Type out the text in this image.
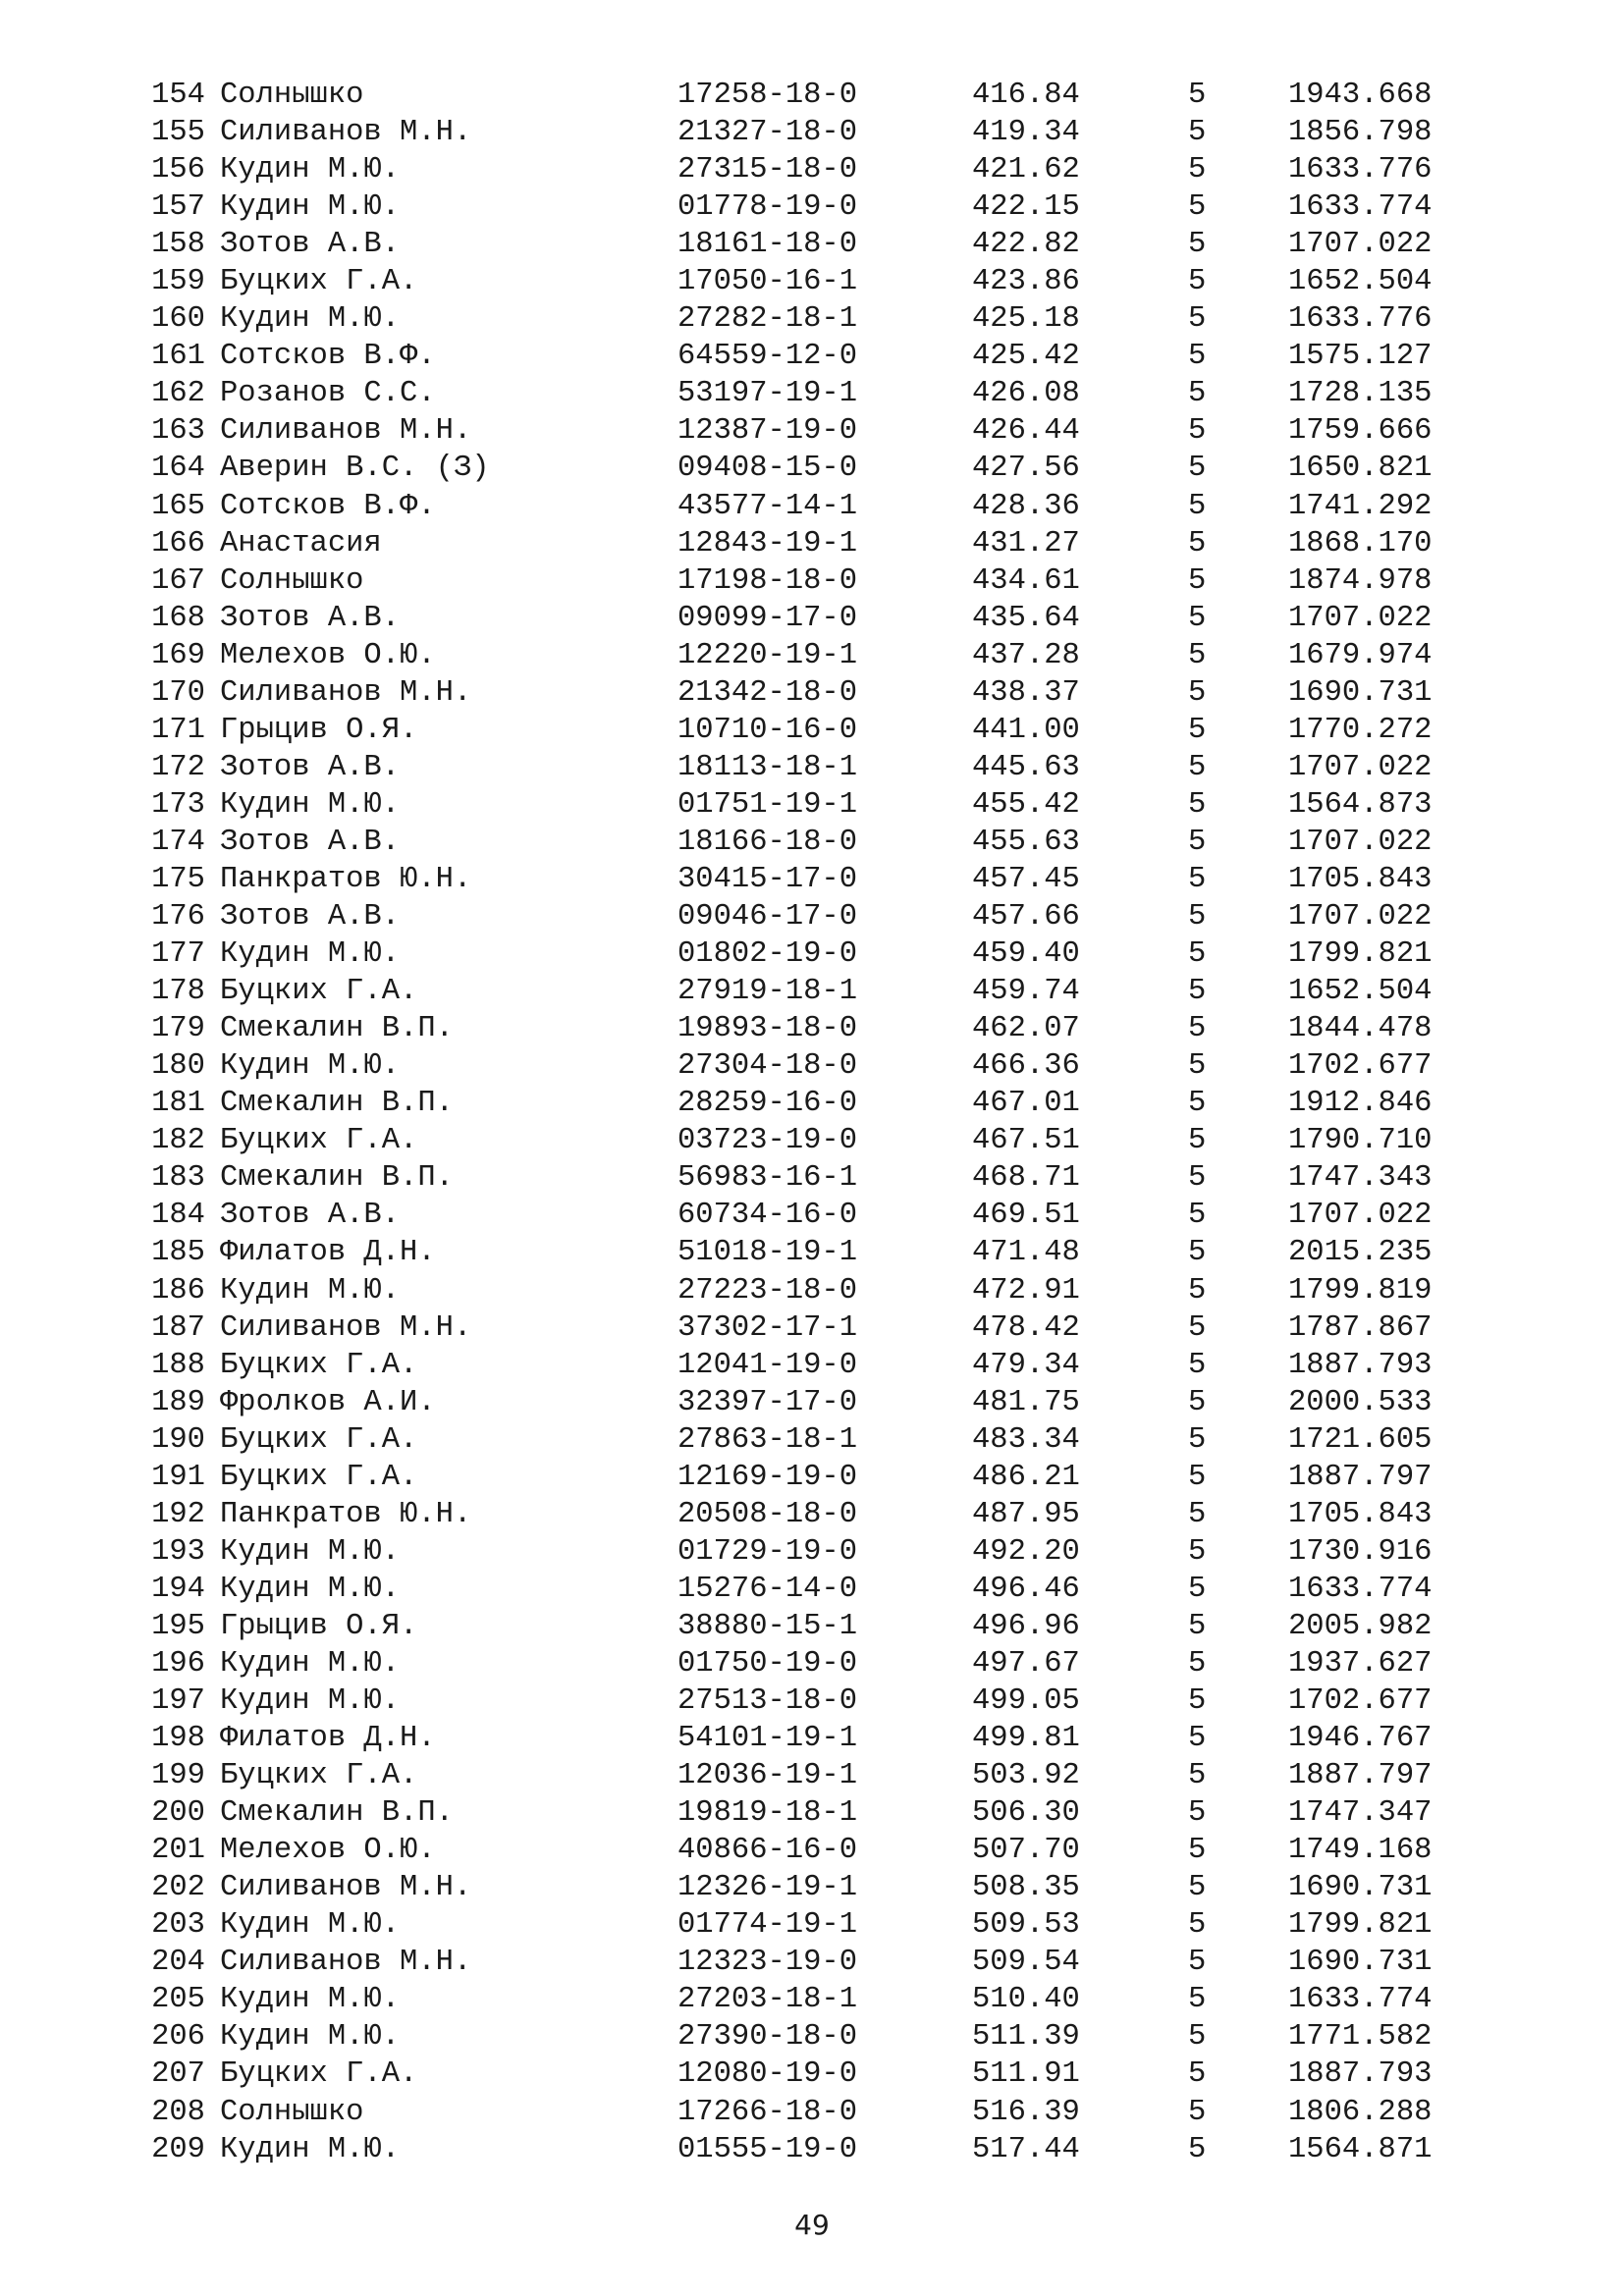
154 Солнышко	17258-18-0	416.84	5	1943.668
155 Силиванов М.Н.	21327-18-0	419.34	5	1856.798
156 Кудин М.Ю.	27315-18-0	421.62	5	1633.776
157 Кудин М.Ю.	01778-19-0	422.15	5	1633.774
158 Зотов А.В.	18161-18-0	422.82	5	1707.022
159 Буцких Г.А.	17050-16-1	423.86	5	1652.504
160 Кудин М.Ю.	27282-18-1	425.18	5	1633.776
161 Сотсков В.Ф.	64559-12-0	425.42	5	1575.127
162 Розанов С.С.	53197-19-1	426.08	5	1728.135
163 Силиванов М.Н.	12387-19-0	426.44	5	1759.666
164 Аверин В.С. (З)	09408-15-0	427.56	5	1650.821
165 Сотсков В.Ф.	43577-14-1	428.36	5	1741.292
166 Анастасия	12843-19-1	431.27	5	1868.170
167 Солнышко	17198-18-0	434.61	5	1874.978
168 Зотов А.В.	09099-17-0	435.64	5	1707.022
169 Мелехов О.Ю.	12220-19-1	437.28	5	1679.974
170 Силиванов М.Н.	21342-18-0	438.37	5	1690.731
171 Грыцив О.Я.	10710-16-0	441.00	5	1770.272
172 Зотов А.В.	18113-18-1	445.63	5	1707.022
173 Кудин М.Ю.	01751-19-1	455.42	5	1564.873
174 Зотов А.В.	18166-18-0	455.63	5	1707.022
175 Панкратов Ю.Н.	30415-17-0	457.45	5	1705.843
176 Зотов А.В.	09046-17-0	457.66	5	1707.022
177 Кудин М.Ю.	01802-19-0	459.40	5	1799.821
178 Буцких Г.А.	27919-18-1	459.74	5	1652.504
179 Смекалин В.П.	19893-18-0	462.07	5	1844.478
180 Кудин М.Ю.	27304-18-0	466.36	5	1702.677
181 Смекалин В.П.	28259-16-0	467.01	5	1912.846
182 Буцких Г.А.	03723-19-0	467.51	5	1790.710
183 Смекалин В.П.	56983-16-1	468.71	5	1747.343
184 Зотов А.В.	60734-16-0	469.51	5	1707.022
185 Филатов Д.Н.	51018-19-1	471.48	5	2015.235
186 Кудин М.Ю.	27223-18-0	472.91	5	1799.819
187 Силиванов М.Н.	37302-17-1	478.42	5	1787.867
188 Буцких Г.А.	12041-19-0	479.34	5	1887.793
189 Фролков А.И.	32397-17-0	481.75	5	2000.533
190 Буцких Г.А.	27863-18-1	483.34	5	1721.605
191 Буцких Г.А.	12169-19-0	486.21	5	1887.797
192 Панкратов Ю.Н.	20508-18-0	487.95	5	1705.843
193 Кудин М.Ю.	01729-19-0	492.20	5	1730.916
194 Кудин М.Ю.	15276-14-0	496.46	5	1633.774
195 Грыцив О.Я.	38880-15-1	496.96	5	2005.982
196 Кудин М.Ю.	01750-19-0	497.67	5	1937.627
197 Кудин М.Ю.	27513-18-0	499.05	5	1702.677
198 Филатов Д.Н.	54101-19-1	499.81	5	1946.767
199 Буцких Г.А.	12036-19-1	503.92	5	1887.797
200 Смекалин В.П.	19819-18-1	506.30	5	1747.347
201 Мелехов О.Ю.	40866-16-0	507.70	5	1749.168
202 Силиванов М.Н.	12326-19-1	508.35	5	1690.731
203 Кудин М.Ю.	01774-19-1	509.53	5	1799.821
204 Силиванов М.Н.	12323-19-0	509.54	5	1690.731
205 Кудин М.Ю.	27203-18-1	510.40	5	1633.774
206 Кудин М.Ю.	27390-18-0	511.39	5	1771.582
207 Буцких Г.А.	12080-19-0	511.91	5	1887.793
208 Солнышко	17266-18-0	516.39	5	1806.288
209 Кудин М.Ю.	01555-19-0	517.44	5	1564.871
49
